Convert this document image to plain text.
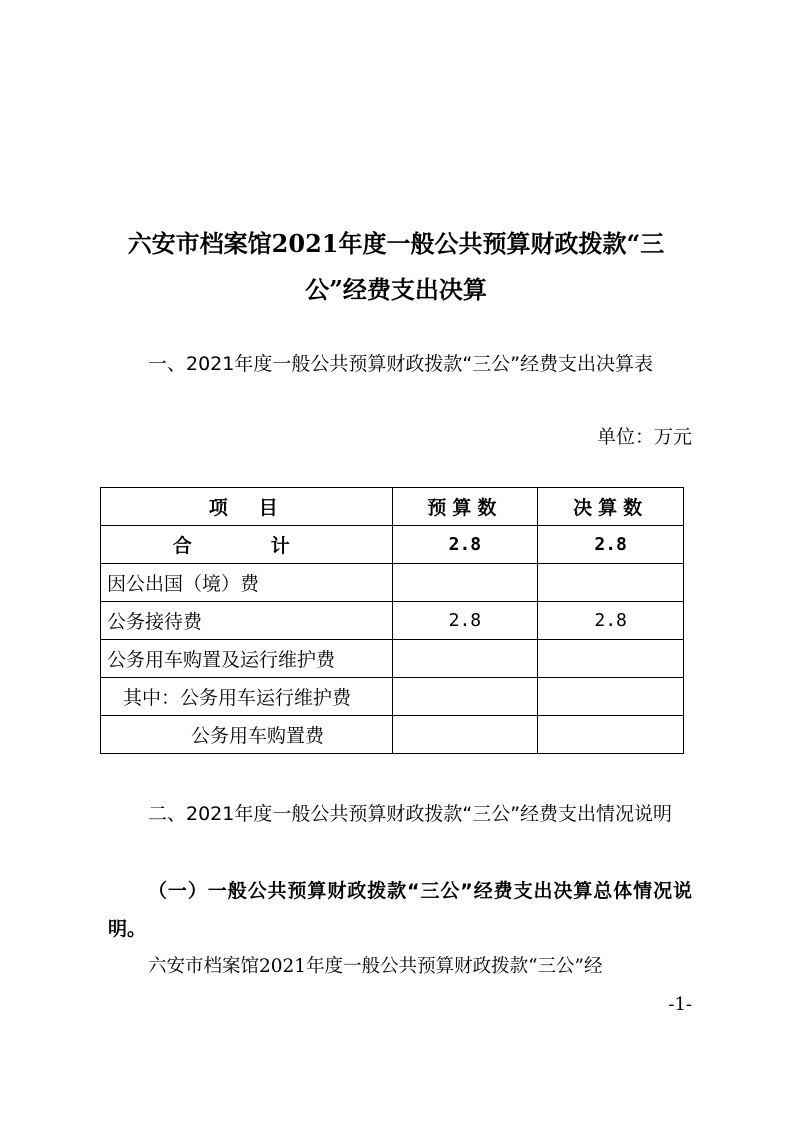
六安市档案馆2021年度一般公共预算财政拨款“三公”经费支出决算

一、2021年度一般公共预算财政拨款“三公”经费支出决算表

单位：万元

项　目	预算数	决算数
合　计	2.8	2.8
因公出国（境）费		
公务接待费	2.8	2.8
公务用车购置及运行维护费		
其中：公务用车运行维护费		
公务用车购置费		

二、2021年度一般公共预算财政拨款“三公”经费支出情况说明

（一）一般公共预算财政拨款“三公”经费支出决算总体情况说明。

六安市档案馆2021年度一般公共预算财政拨款“三公”经

-1-
